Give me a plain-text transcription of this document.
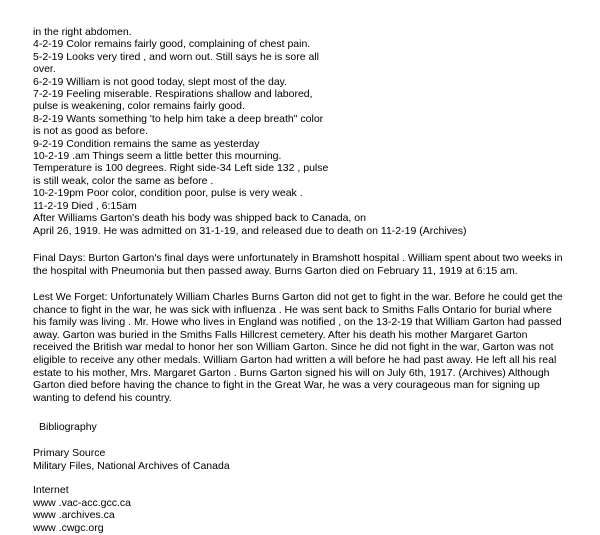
in the right abdomen.
4-2-19 Color remains fairly good, complaining of chest pain.
5-2-19 Looks very tired , and worn out. Still says he is sore all
over.
6-2-19 William is not good today, slept most of the day.
7-2-19 Feeling miserable. Respirations shallow and labored,
pulse is weakening, color remains fairly good.
8-2-19 Wants something 'to help him take a deep breath" color
is not as good as before.
9-2-19 Condition remains the same as yesterday
10-2-19 .am Things seem a little better this mourning.
Temperature is 100 degrees. Right side-34 Left side 132 , pulse
is still weak, color the same as before .
10-2-19pm Poor color, condition poor, pulse is very weak .
11-2-19 Died , 6:15am
After Williams Garton's death his body was shipped back to Canada, on
April 26, 1919. He was admitted on 31-1-19, and released due to death on 11-2-19 (Archives)
Final Days: Burton Garton's final days were unfortunately in Bramshott hospital . William spent about two weeks in the hospital with Pneumonia but then passed away. Burns Garton died on February 11, 1919 at 6:15 am.
Lest We Forget: Unfortunately William Charles Burns Garton did not get to fight in the war. Before he could get the chance to fight in the war, he was sick with influenza . He was sent back to Smiths Falls Ontario for burial where his family was living . Mr. Howe who lives in England was notified , on the 13-2-19 that William Garton had passed away. Garton was buried in the Smiths Falls Hillcrest cemetery. After his death his mother Margaret Garton received the British war medal to honor her son William Garton. Since he did not fight in the war, Garton was not eligible to receive any other medals. William Garton had written a will before he had past away. He left all his real estate to his mother, Mrs. Margaret Garton . Burns Garton signed his will on July 6th, 1917. (Archives) Although Garton died before having the chance to fight in the Great War, he was a very courageous man for signing up wanting to defend his country.
Bibliography
Primary Source
Military Files, National Archives of Canada
Internet
www .vac-acc.gcc.ca
www .archives.ca
www .cwgc.org
